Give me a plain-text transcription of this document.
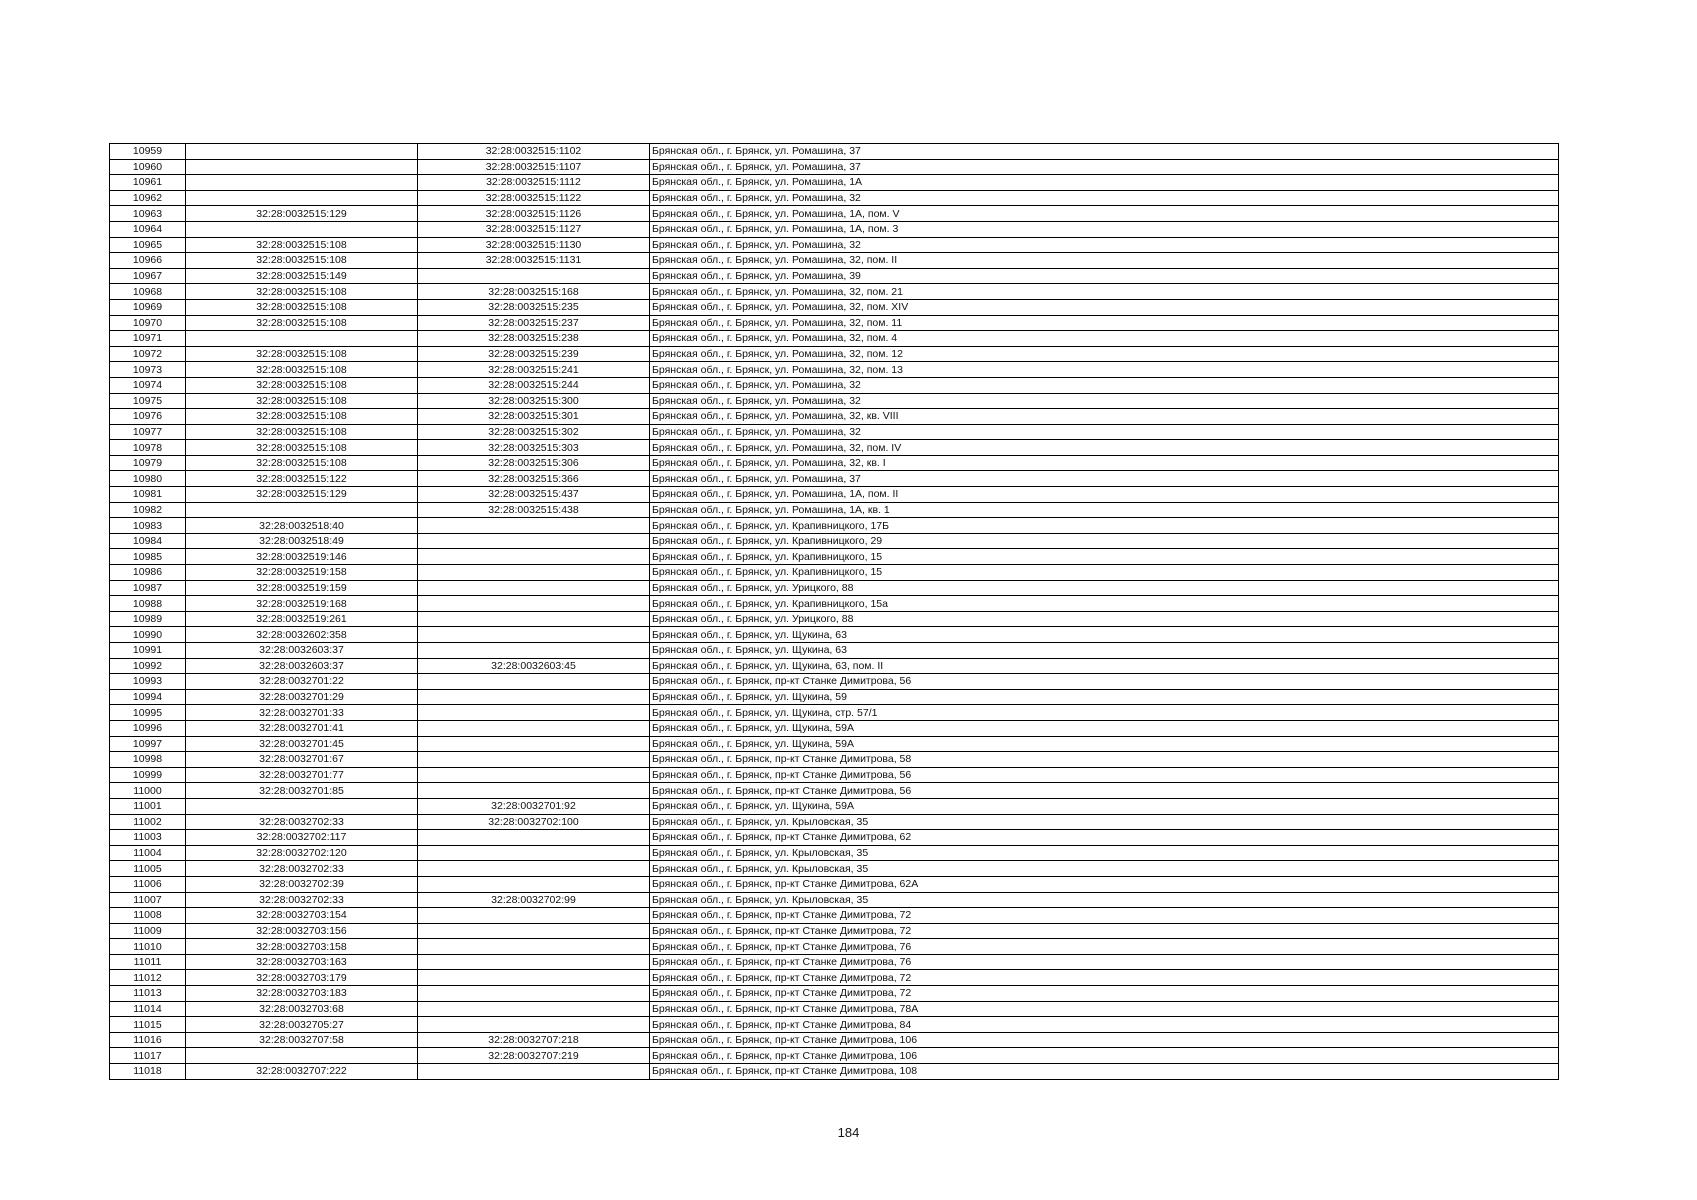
10959		32:28:0032515:1102	Брянская обл., г. Брянск, ул. Ромашина, 37
10960		32:28:0032515:1107	Брянская обл., г. Брянск, ул. Ромашина, 37
10961		32:28:0032515:1112	Брянская обл., г. Брянск, ул. Ромашина, 1А
10962		32:28:0032515:1122	Брянская обл., г. Брянск, ул. Ромашина, 32
10963	32:28:0032515:129	32:28:0032515:1126	Брянская обл., г. Брянск, ул. Ромашина, 1А, пом. V
10964		32:28:0032515:1127	Брянская обл., г. Брянск, ул. Ромашина, 1А, пом. 3
10965	32:28:0032515:108	32:28:0032515:1130	Брянская обл., г. Брянск, ул. Ромашина, 32
10966	32:28:0032515:108	32:28:0032515:1131	Брянская обл., г. Брянск, ул. Ромашина, 32, пом. II
10967	32:28:0032515:149		Брянская обл., г. Брянск, ул. Ромашина, 39
10968	32:28:0032515:108	32:28:0032515:168	Брянская обл., г. Брянск, ул. Ромашина, 32, пом. 21
10969	32:28:0032515:108	32:28:0032515:235	Брянская обл., г. Брянск, ул. Ромашина, 32, пом. XIV
10970	32:28:0032515:108	32:28:0032515:237	Брянская обл., г. Брянск, ул. Ромашина, 32, пом. 11
10971		32:28:0032515:238	Брянская обл., г. Брянск, ул. Ромашина, 32, пом. 4
10972	32:28:0032515:108	32:28:0032515:239	Брянская обл., г. Брянск, ул. Ромашина, 32, пом. 12
10973	32:28:0032515:108	32:28:0032515:241	Брянская обл., г. Брянск, ул. Ромашина, 32, пом. 13
10974	32:28:0032515:108	32:28:0032515:244	Брянская обл., г. Брянск, ул. Ромашина, 32
10975	32:28:0032515:108	32:28:0032515:300	Брянская обл., г. Брянск, ул. Ромашина, 32
10976	32:28:0032515:108	32:28:0032515:301	Брянская обл., г. Брянск, ул. Ромашина, 32, кв. VIII
10977	32:28:0032515:108	32:28:0032515:302	Брянская обл., г. Брянск, ул. Ромашина, 32
10978	32:28:0032515:108	32:28:0032515:303	Брянская обл., г. Брянск, ул. Ромашина, 32, пом. IV
10979	32:28:0032515:108	32:28:0032515:306	Брянская обл., г. Брянск, ул. Ромашина, 32, кв. I
10980	32:28:0032515:122	32:28:0032515:366	Брянская обл., г. Брянск, ул. Ромашина, 37
10981	32:28:0032515:129	32:28:0032515:437	Брянская обл., г. Брянск, ул. Ромашина, 1А, пом. II
10982		32:28:0032515:438	Брянская обл., г. Брянск, ул. Ромашина, 1А, кв. 1
10983	32:28:0032518:40		Брянская обл., г. Брянск, ул. Крапивницкого, 17Б
10984	32:28:0032518:49		Брянская обл., г. Брянск, ул. Крапивницкого, 29
10985	32:28:0032519:146		Брянская обл., г. Брянск, ул. Крапивницкого, 15
10986	32:28:0032519:158		Брянская обл., г. Брянск, ул. Крапивницкого, 15
10987	32:28:0032519:159		Брянская обл., г. Брянск, ул. Урицкого, 88
10988	32:28:0032519:168		Брянская обл., г. Брянск, ул. Крапивницкого, 15а
10989	32:28:0032519:261		Брянская обл., г. Брянск, ул. Урицкого, 88
10990	32:28:0032602:358		Брянская обл., г. Брянск, ул. Щукина, 63
10991	32:28:0032603:37		Брянская обл., г. Брянск, ул. Щукина, 63
10992	32:28:0032603:37	32:28:0032603:45	Брянская обл., г. Брянск, ул. Щукина, 63, пом. II
10993	32:28:0032701:22		Брянская обл., г. Брянск, пр-кт Станке Димитрова, 56
10994	32:28:0032701:29		Брянская обл., г. Брянск, ул. Щукина, 59
10995	32:28:0032701:33		Брянская обл., г. Брянск, ул. Щукина, стр. 57/1
10996	32:28:0032701:41		Брянская обл., г. Брянск, ул. Щукина, 59А
10997	32:28:0032701:45		Брянская обл., г. Брянск, ул. Щукина, 59А
10998	32:28:0032701:67		Брянская обл., г. Брянск, пр-кт Станке Димитрова, 58
10999	32:28:0032701:77		Брянская обл., г. Брянск, пр-кт Станке Димитрова, 56
11000	32:28:0032701:85		Брянская обл., г. Брянск, пр-кт Станке Димитрова, 56
11001		32:28:0032701:92	Брянская обл., г. Брянск, ул. Щукина, 59А
11002	32:28:0032702:33	32:28:0032702:100	Брянская обл., г. Брянск, ул. Крыловская, 35
11003	32:28:0032702:117		Брянская обл., г. Брянск, пр-кт Станке Димитрова, 62
11004	32:28:0032702:120		Брянская обл., г. Брянск, ул. Крыловская, 35
11005	32:28:0032702:33		Брянская обл., г. Брянск, ул. Крыловская, 35
11006	32:28:0032702:39		Брянская обл., г. Брянск, пр-кт Станке Димитрова, 62А
11007	32:28:0032702:33	32:28:0032702:99	Брянская обл., г. Брянск, ул. Крыловская, 35
11008	32:28:0032703:154		Брянская обл., г. Брянск, пр-кт Станке Димитрова, 72
11009	32:28:0032703:156		Брянская обл., г. Брянск, пр-кт Станке Димитрова, 72
11010	32:28:0032703:158		Брянская обл., г. Брянск, пр-кт Станке Димитрова, 76
11011	32:28:0032703:163		Брянская обл., г. Брянск, пр-кт Станке Димитрова, 76
11012	32:28:0032703:179		Брянская обл., г. Брянск, пр-кт Станке Димитрова, 72
11013	32:28:0032703:183		Брянская обл., г. Брянск, пр-кт Станке Димитрова, 72
11014	32:28:0032703:68		Брянская обл., г. Брянск, пр-кт Станке Димитрова, 78А
11015	32:28:0032705:27		Брянская обл., г. Брянск, пр-кт Станке Димитрова, 84
11016	32:28:0032707:58	32:28:0032707:218	Брянская обл., г. Брянск, пр-кт Станке Димитрова, 106
11017		32:28:0032707:219	Брянская обл., г. Брянск, пр-кт Станке Димитрова, 106
11018	32:28:0032707:222		Брянская обл., г. Брянск, пр-кт Станке Димитрова, 108
184
